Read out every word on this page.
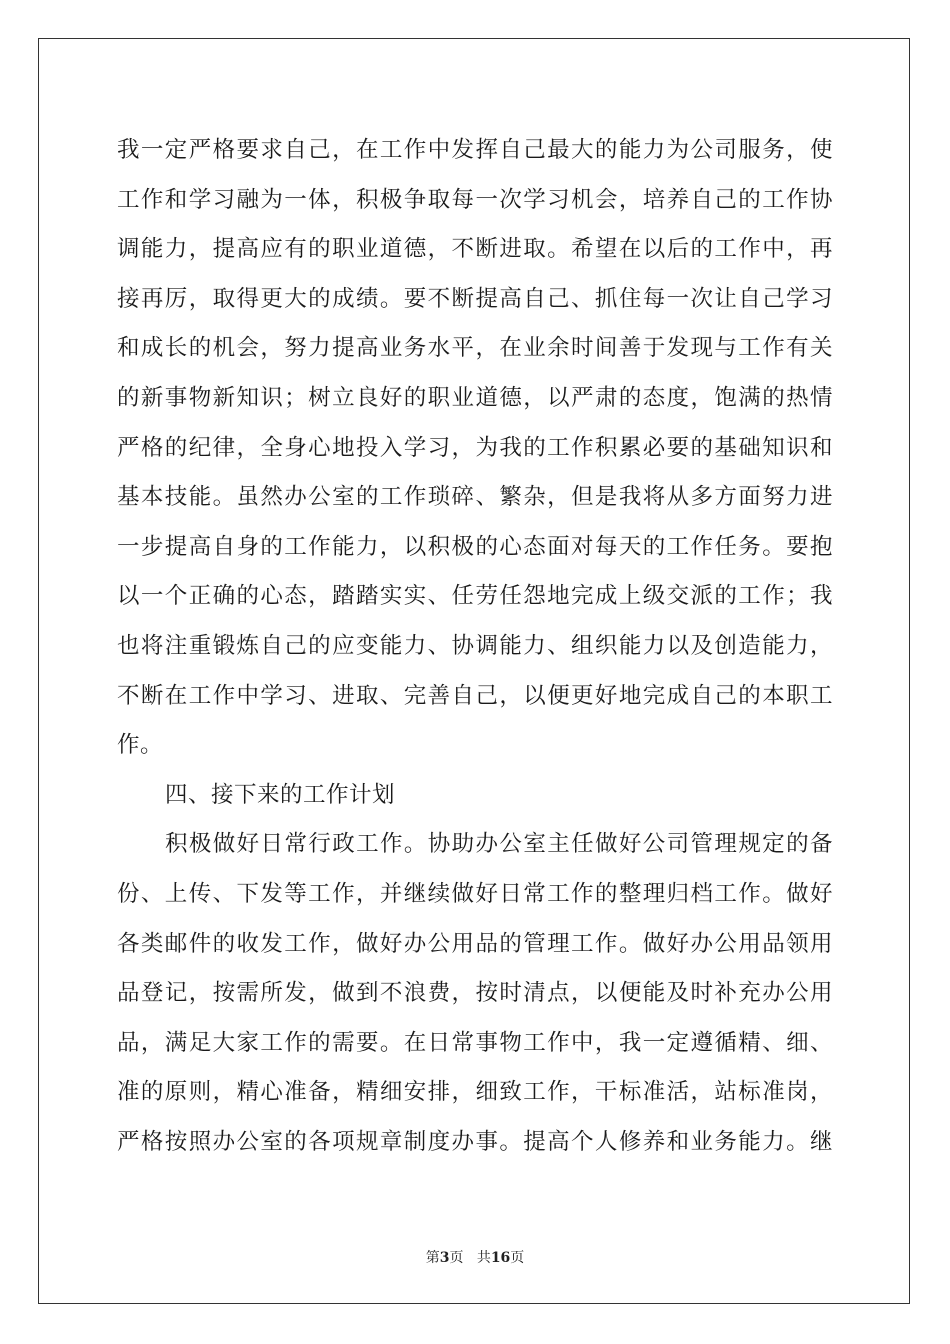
我一定严格要求自己，在工作中发挥自己最大的能力为公司服务，使
工作和学习融为一体，积极争取每一次学习机会，培养自己的工作协
调能力，提高应有的职业道德，不断进取。希望在以后的工作中，再
接再厉，取得更大的成绩。要不断提高自己、抓住每一次让自己学习
和成长的机会，努力提高业务水平，在业余时间善于发现与工作有关
的新事物新知识；树立良好的职业道德，以严肃的态度，饱满的热情
严格的纪律，全身心地投入学习，为我的工作积累必要的基础知识和
基本技能。虽然办公室的工作琐碎、繁杂，但是我将从多方面努力进
一步提高自身的工作能力，以积极的心态面对每天的工作任务。要抱
以一个正确的心态，踏踏实实、任劳任怨地完成上级交派的工作；我
也将注重锻炼自己的应变能力、协调能力、组织能力以及创造能力，
不断在工作中学习、进取、完善自己，以便更好地完成自己的本职工
作。
四、接下来的工作计划
积极做好日常行政工作。协助办公室主任做好公司管理规定的备
份、上传、下发等工作，并继续做好日常工作的整理归档工作。做好
各类邮件的收发工作，做好办公用品的管理工作。做好办公用品领用
品登记，按需所发，做到不浪费，按时清点，以便能及时补充办公用
品，满足大家工作的需要。在日常事物工作中，我一定遵循精、细、
准的原则，精心准备，精细安排，细致工作，干标准活，站标准岗，
严格按照办公室的各项规章制度办事。提高个人修养和业务能力。继
第3页 共16页
